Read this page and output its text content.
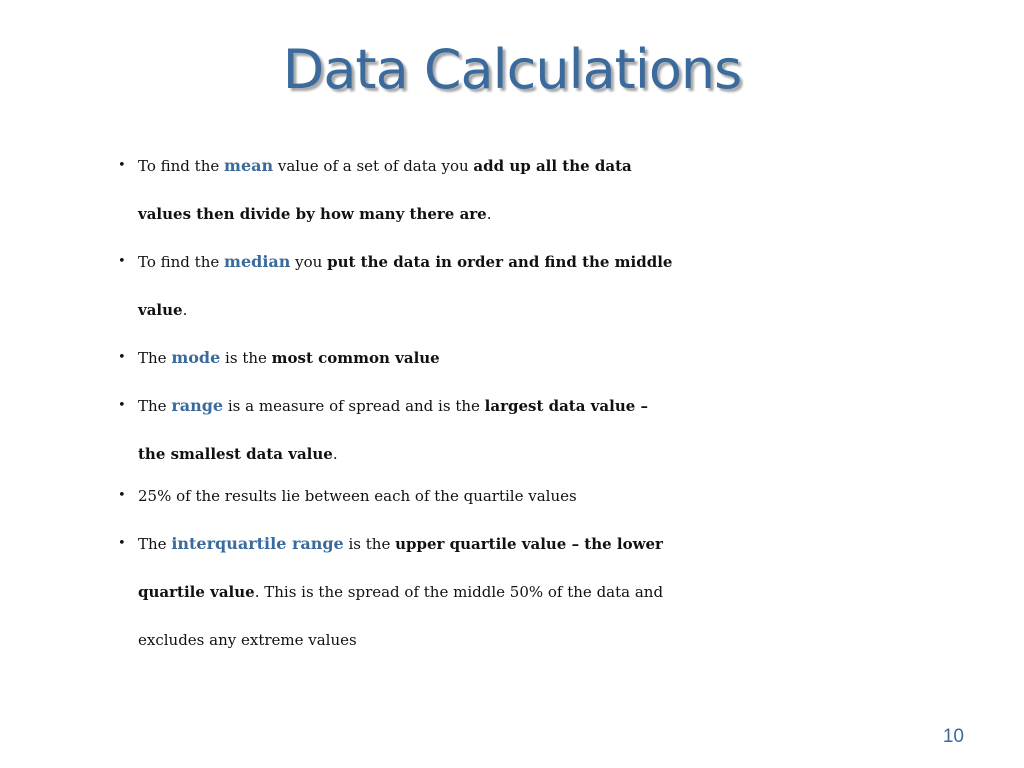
Data Calculations
• To find the mean value of a set of data you add up all the data values then divide by how many there are.
• To find the median you put the data in order and find the middle value.
• The mode is the most common value
• The range is a measure of spread and is the largest data value – the smallest data value.
• 25% of the results lie between each of the quartile values
• The interquartile range is the upper quartile value – the lower quartile value. This is the spread of the middle 50% of the data and excludes any extreme values
10
